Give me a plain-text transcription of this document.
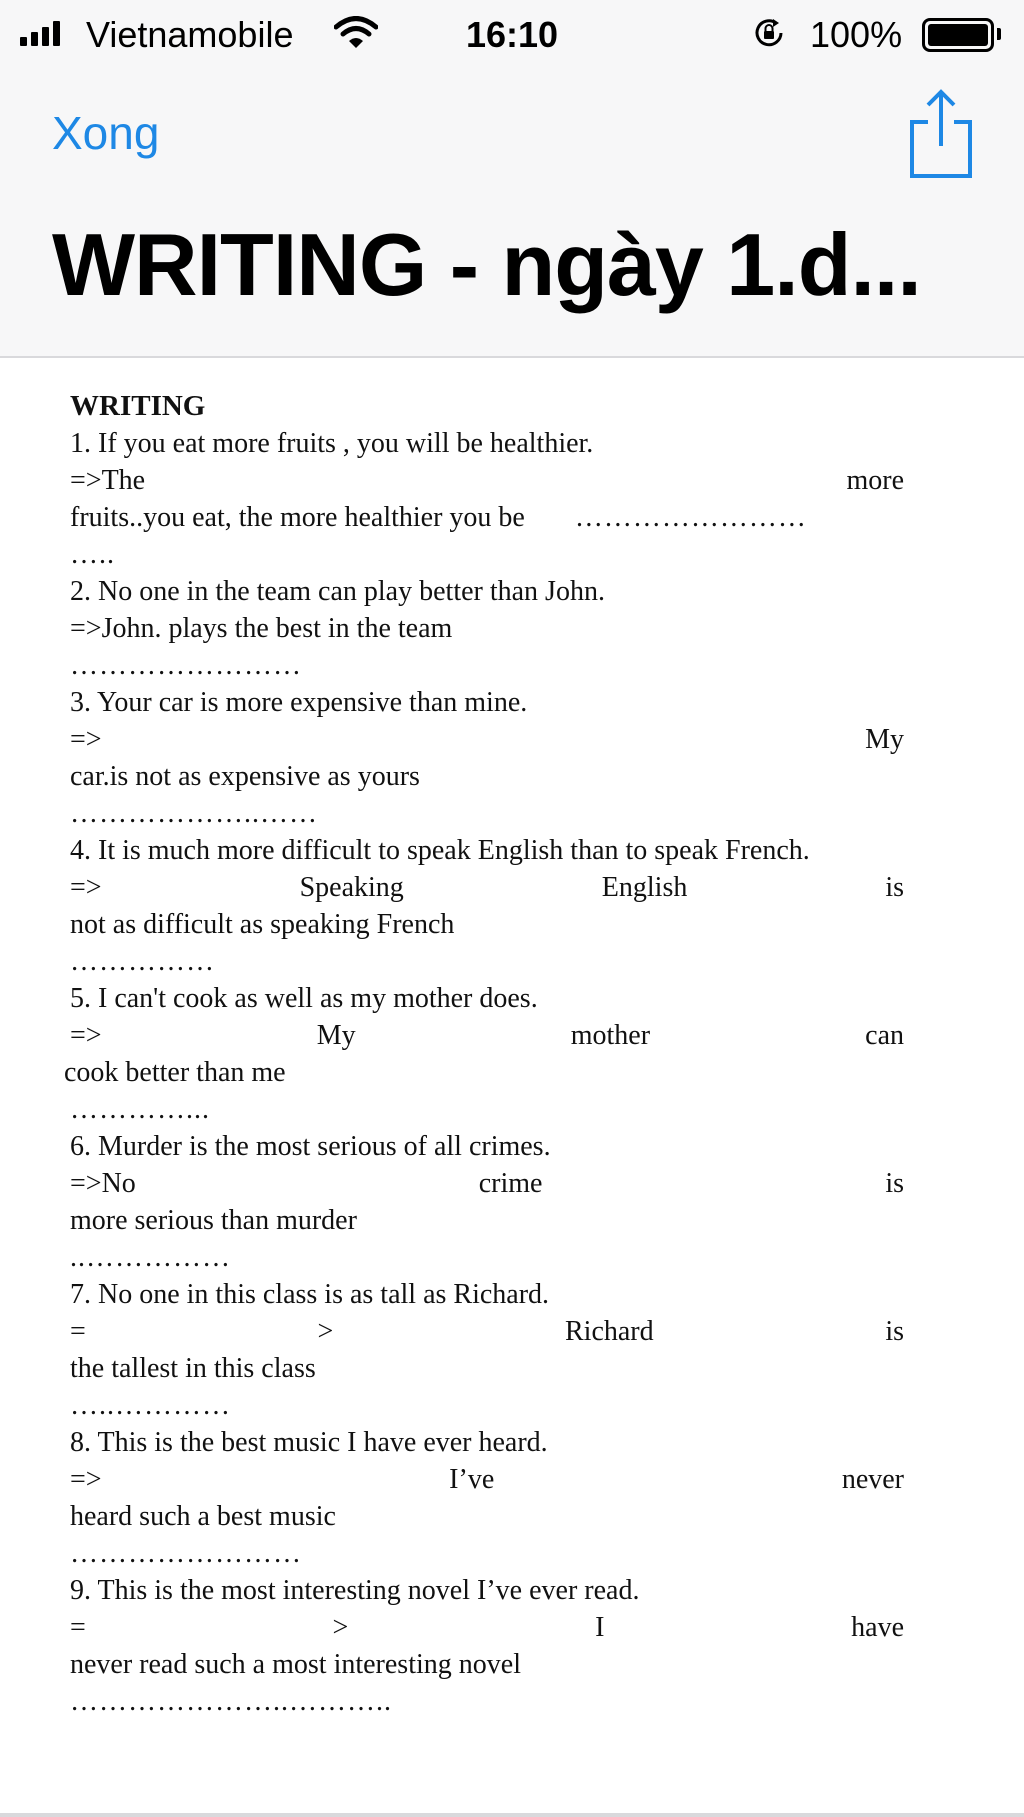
Vietnamobile	16:10	100%
Xong
WRITING - ngày 1.d...
WRITING

1. If you eat more fruits , you will be healthier.

=>The	more
fruits..you eat, the more healthier you be ……………………
…..

2. No one in the team can play better than John.

=>John. plays the best in the team
……………………

3. Your car is more expensive than mine.

=>	My
car.is not as expensive as yours
………………..……

4. It is much more difficult to speak English than to speak French.

=>	Speaking	English	is
not as difficult as speaking French
……………

5. I can't cook as well as my mother does.

=>	My	mother	can
cook better than me
…………...

6. Murder is the most serious of all crimes.

=>No	crime	is
more serious than murder
..……………

7. No one in this class is as tall as Richard.

=	>	Richard	is
the tallest in this class
…..…………

8. This is the best music I have ever heard.

=>	I’ve	never
heard such a best music
……………………

9. This is the most interesting novel I’ve ever read.

=	>	I	have
never read such a most interesting novel
…………………..………..
